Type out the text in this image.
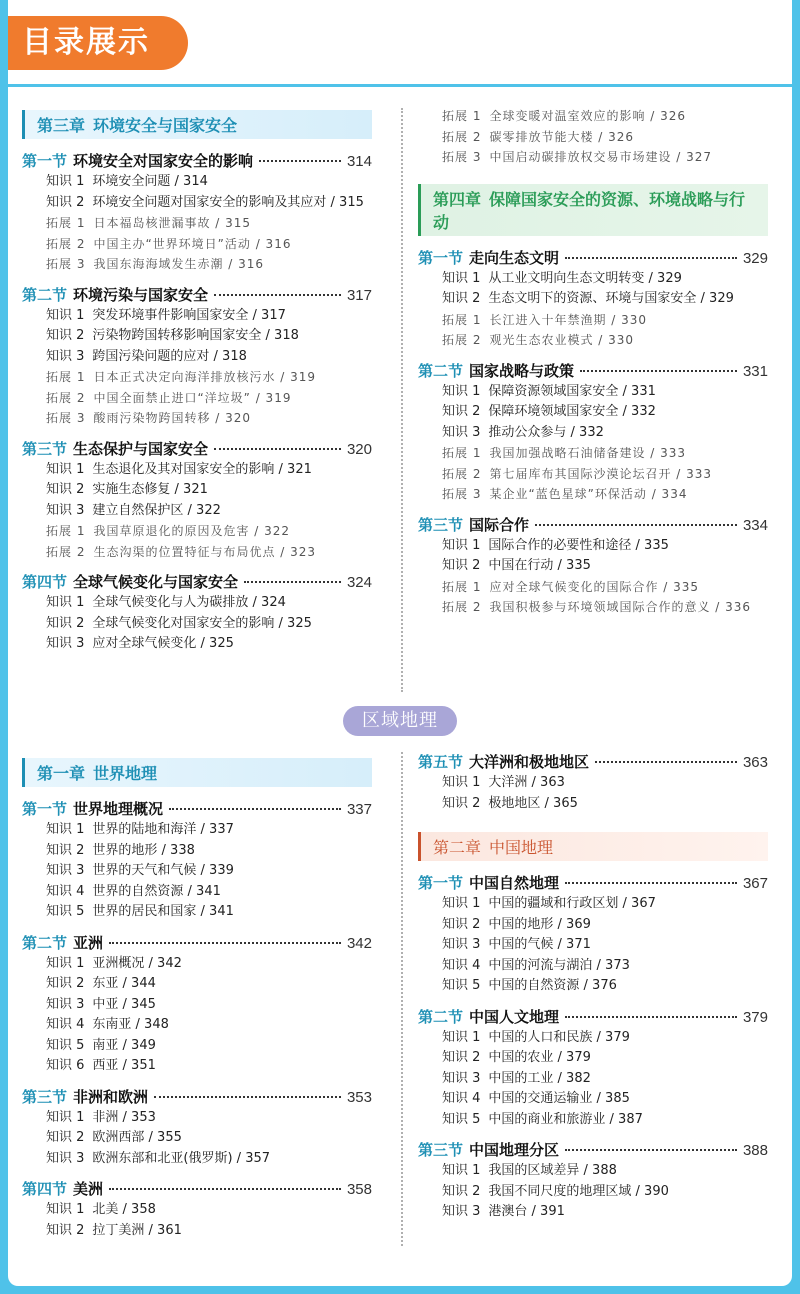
目录展示
第三章 环境安全与国家安全
第一节 环境安全对国家安全的影响	314
知识 1 环境安全问题 / 314
知识 2 环境安全问题对国家安全的影响及其应对 / 315
拓展 1 日本福岛核泄漏事故 / 315
拓展 2 中国主办“世界环境日”活动 / 316
拓展 3 我国东海海域发生赤潮 / 316
第二节 环境污染与国家安全	317
知识 1 突发环境事件影响国家安全 / 317
知识 2 污染物跨国转移影响国家安全 / 318
知识 3 跨国污染问题的应对 / 318
拓展 1 日本正式决定向海洋排放核污水 / 319
拓展 2 中国全面禁止进口“洋垃圾” / 319
拓展 3 酸雨污染物跨国转移 / 320
第三节 生态保护与国家安全	320
知识 1 生态退化及其对国家安全的影响 / 321
知识 2 实施生态修复 / 321
知识 3 建立自然保护区 / 322
拓展 1 我国草原退化的原因及危害 / 322
拓展 2 生态沟渠的位置特征与布局优点 / 323
第四节 全球气候变化与国家安全	324
知识 1 全球气候变化与人为碳排放 / 324
知识 2 全球气候变化对国家安全的影响 / 325
知识 3 应对全球气候变化 / 325
拓展 1 全球变暖对温室效应的影响 / 326
拓展 2 碳零排放节能大楼 / 326
拓展 3 中国启动碳排放权交易市场建设 / 327
第四章 保障国家安全的资源、环境战略与行动
第一节 走向生态文明	329
知识 1 从工业文明向生态文明转变 / 329
知识 2 生态文明下的资源、环境与国家安全 / 329
拓展 1 长江进入十年禁渔期 / 330
拓展 2 观光生态农业模式 / 330
第二节 国家战略与政策	331
知识 1 保障资源领域国家安全 / 331
知识 2 保障环境领域国家安全 / 332
知识 3 推动公众参与 / 332
拓展 1 我国加强战略石油储备建设 / 333
拓展 2 第七届库布其国际沙漠论坛召开 / 333
拓展 3 某企业“蓝色星球”环保活动 / 334
第三节 国际合作	334
知识 1 国际合作的必要性和途径 / 335
知识 2 中国在行动 / 335
拓展 1 应对全球气候变化的国际合作 / 335
拓展 2 我国积极参与环境领域国际合作的意义 / 336
区域地理
第一章 世界地理
第一节 世界地理概况	337
知识 1 世界的陆地和海洋 / 337
知识 2 世界的地形 / 338
知识 3 世界的天气和气候 / 339
知识 4 世界的自然资源 / 341
知识 5 世界的居民和国家 / 341
第二节 亚洲	342
知识 1 亚洲概况 / 342
知识 2 东亚 / 344
知识 3 中亚 / 345
知识 4 东南亚 / 348
知识 5 南亚 / 349
知识 6 西亚 / 351
第三节 非洲和欧洲	353
知识 1 非洲 / 353
知识 2 欧洲西部 / 355
知识 3 欧洲东部和北亚(俄罗斯) / 357
第四节 美洲	358
知识 1 北美 / 358
知识 2 拉丁美洲 / 361
第五节 大洋洲和极地地区	363
知识 1 大洋洲 / 363
知识 2 极地地区 / 365
第二章 中国地理
第一节 中国自然地理	367
知识 1 中国的疆域和行政区划 / 367
知识 2 中国的地形 / 369
知识 3 中国的气候 / 371
知识 4 中国的河流与湖泊 / 373
知识 5 中国的自然资源 / 376
第二节 中国人文地理	379
知识 1 中国的人口和民族 / 379
知识 2 中国的农业 / 379
知识 3 中国的工业 / 382
知识 4 中国的交通运输业 / 385
知识 5 中国的商业和旅游业 / 387
第三节 中国地理分区	388
知识 1 我国的区域差异 / 388
知识 2 我国不同尺度的地理区域 / 390
知识 3 港澳台 / 391
